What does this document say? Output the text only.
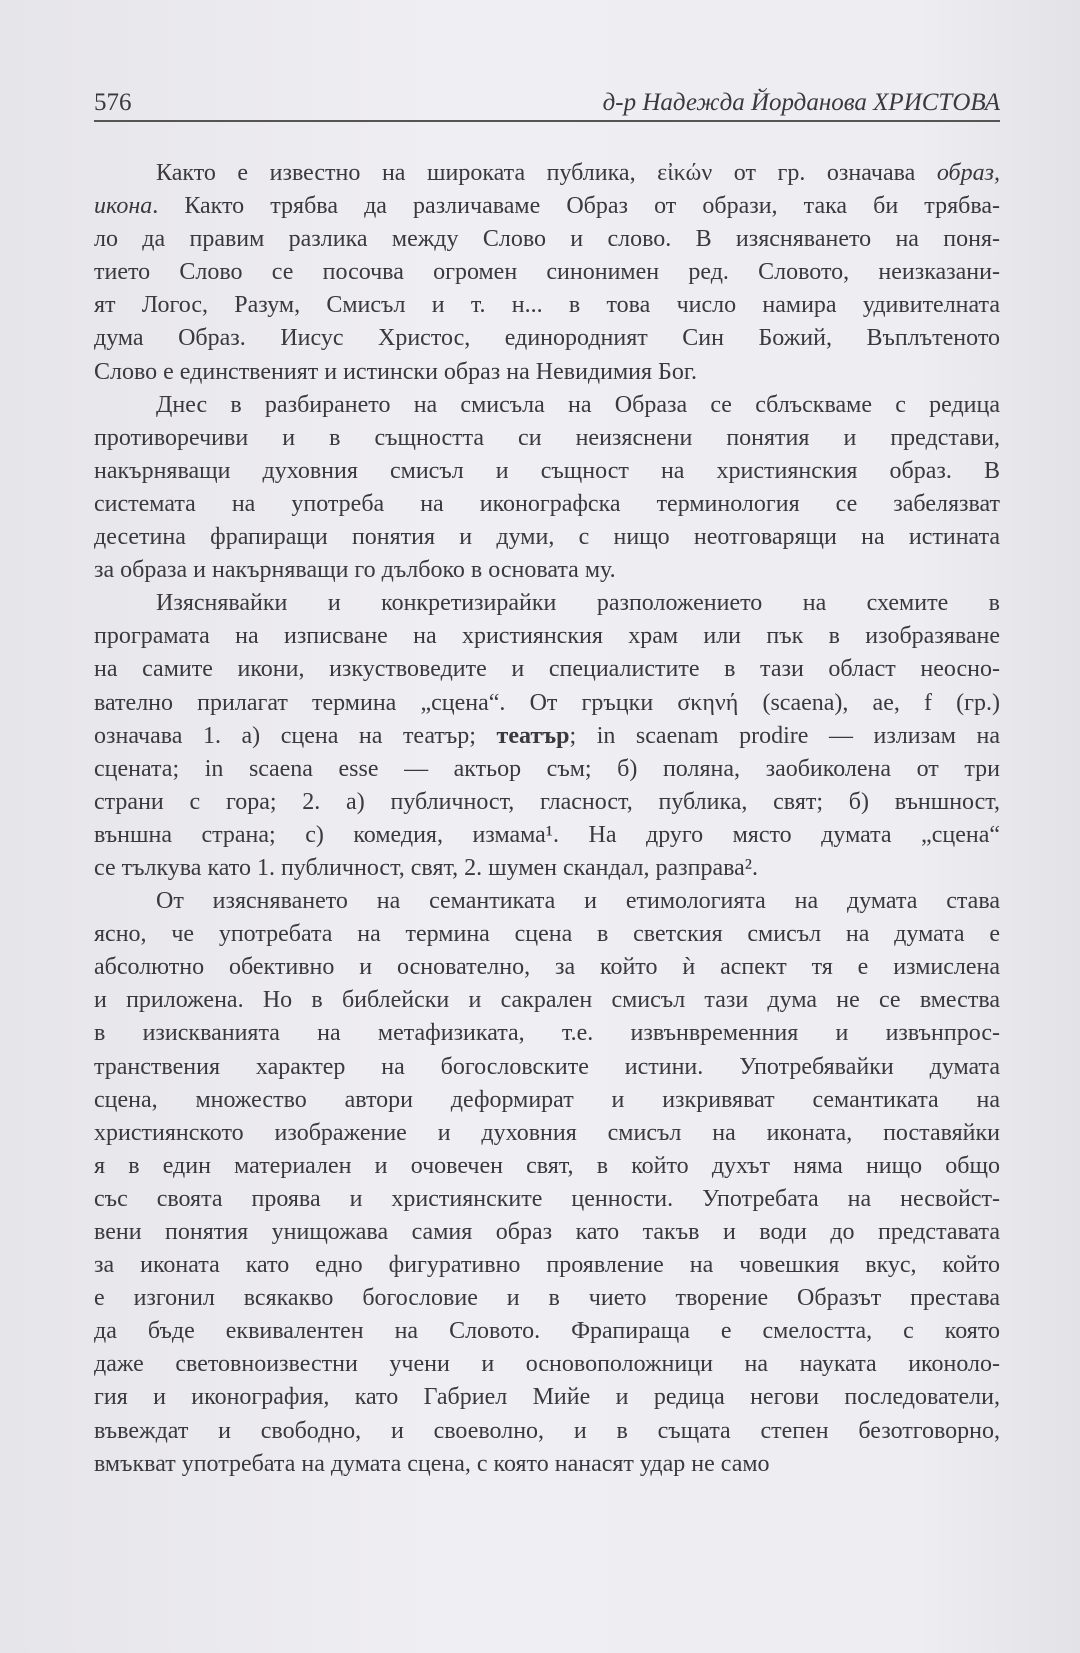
576	д-р Надежда Йорданова ХРИСТОВА
Както е известно на широката публика, εἰκών от гр. означава образ,
икона. Както трябва да различаваме Образ от образи, така би трябва-
ло да правим разлика между Слово и слово. В изясняването на поня-
тието Слово се посочва огромен синонимен ред. Словото, неизказани-
ят Логос, Разум, Смисъл и т. н... в това число намира удивителната
дума Образ. Иисус Христос, единородният Син Божий, Въплътеното
Слово е единственият и истински образ на Невидимия Бог.
Днес в разбирането на смисъла на Образа се сблъскваме с редица
противоречиви и в същността си неизяснени понятия и представи,
накърняващи духовния смисъл и същност на християнския образ. В
системата на употреба на иконографска терминология се забелязват
десетина фрапиращи понятия и думи, с нищо неотговарящи на истината
за образа и накърняващи го дълбоко в основата му.
Изяснявайки и конкретизирайки разположението на схемите в
програмата на изписване на християнския храм или пък в изобразяване
на самите икони, изкуствоведите и специалистите в тази област неосно-
вателно прилагат термина „сцена“. От гръцки σκηνή (scaena), ae, f (гр.)
означава 1. а) сцена на театър; театър; in scaenam prodire — излизам на
сцената; in scaena esse — актьор съм; б) поляна, заобиколена от три
страни с гора; 2. а) публичност, гласност, публика, свят; б) външност,
външна страна; с) комедия, измама¹. На друго място думата „сцена“
се тълкува като 1. публичност, свят, 2. шумен скандал, разправа².
От изясняването на семантиката и етимологията на думата става
ясно, че употребата на термина сцена в светския смисъл на думата е
абсолютно обективно и основателно, за който ѝ аспект тя е измислена
и приложена. Но в библейски и сакрален смисъл тази дума не се вмества
в изискванията на метафизиката, т.е. извънвременния и извънпрос-
транствения характер на богословските истини. Употребявайки думата
сцена, множество автори деформират и изкривяват семантиката на
християнското изображение и духовния смисъл на иконата, поставяйки
я в един материален и очовечен свят, в който духът няма нищо общо
със своята проява и християнските ценности. Употребата на несвойст-
вени понятия унищожава самия образ като такъв и води до представата
за иконата като едно фигуративно проявление на човешкия вкус, който
е изгонил всякакво богословие и в чието творение Образът престава
да бъде еквивалентен на Словото. Фрапираща е смелостта, с която
даже световноизвестни учени и основоположници на науката иконоло-
гия и иконография, като Габриел Мийе и редица негови последователи,
въвеждат и свободно, и своеволно, и в същата степен безотговорно,
вмъкват употребата на думата сцена, с която нанасят удар не само
